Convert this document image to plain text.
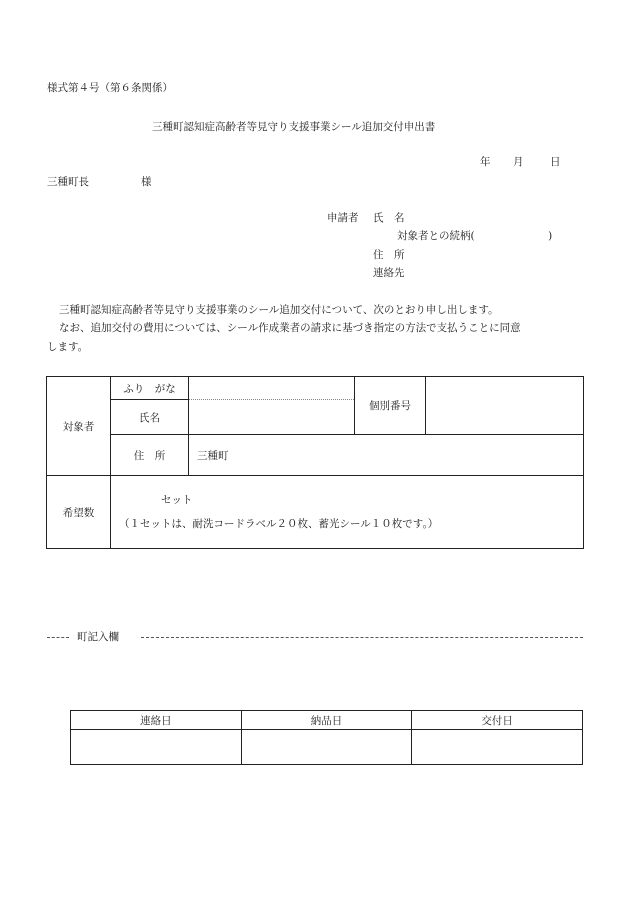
様式第４号（第６条関係）
三種町認知症高齢者等見守り支援事業シール追加交付申出書
年 月	日
三種町長	様
申請者 氏　名
対象者との続柄(　　　　　　　)
住　所
連絡先
三種町認知症高齢者等見守り支援事業のシール追加交付について、次のとおり申し出します。
なお、追加交付の費用については、シール作成業者の請求に基づき指定の方法で支払うことに同意
します。
対象者	ふり　がな		個別番号	
	氏名			
	住　所	三種町		
希望数	セット
（１セットは、耐洗コードラベル２０枚、蓄光シール１０枚です。）			
町記入欄
連絡日	納品日	交付日
